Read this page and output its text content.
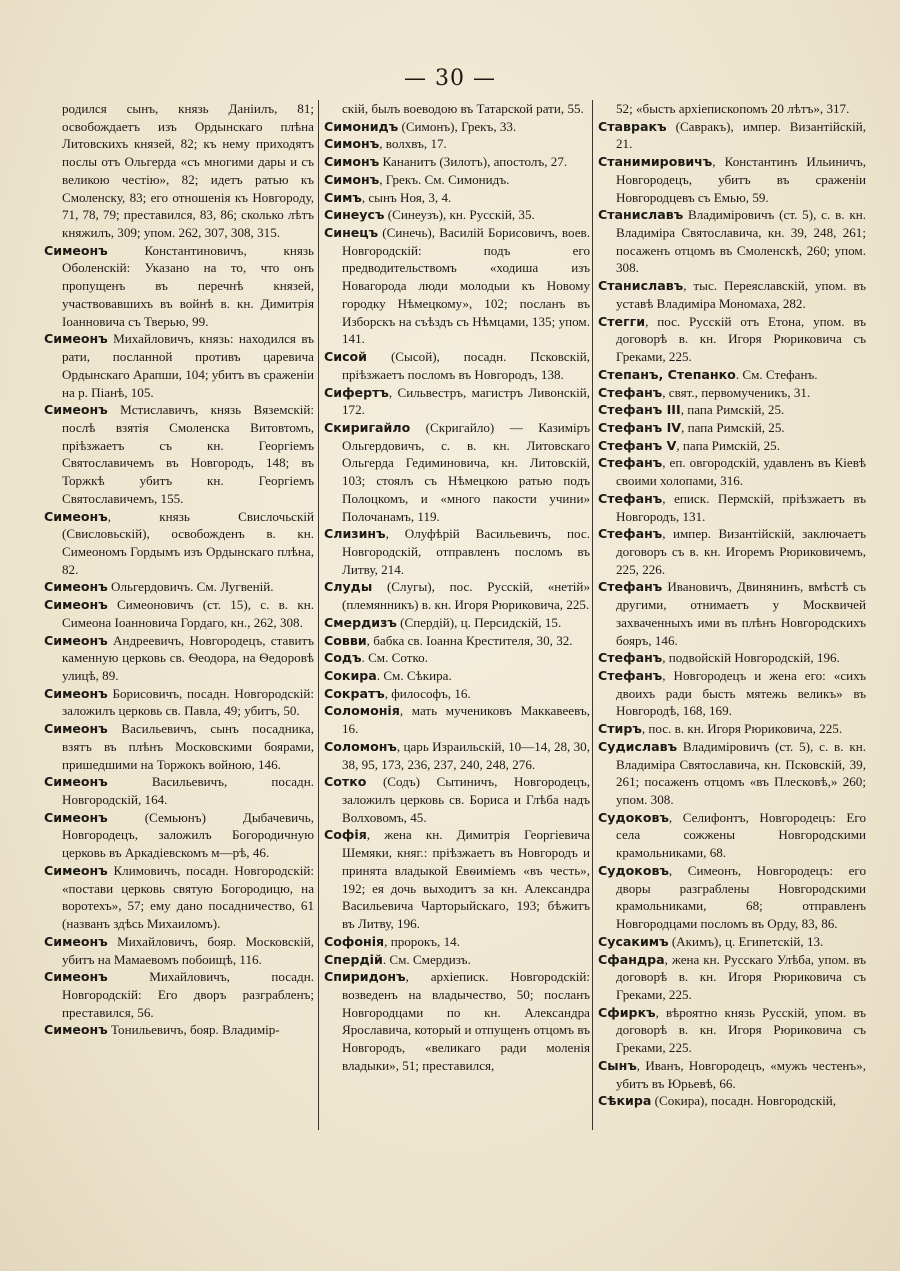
— 30 —

родился сынъ, князь Даніилъ, 81; освобождаетъ изъ Ордынскаго плѣна Литовскихъ князей, 82; къ нему приходятъ послы отъ Ольгерда «съ многими дары и съ великою честiю», 82; идетъ ратью къ Смоленску, 83; его отношенія къ Новгороду, 71, 78, 79; преставился, 83, 86; сколько лѣтъ княжилъ, 309; упом. 262, 307, 308, 315.

Симеонъ Константиновичъ, князь Оболенскій: Указано на то, что онъ пропущенъ въ перечнѣ князей, участвовавшихъ въ войнѣ в. кн. Димитрія Іоанновича съ Тверью, 99.

Симеонъ Михайловичъ, князь: находился въ рати, посланной противъ царевича Ордынскаго Арапши, 104; убитъ въ сраженіи на р. Піанѣ, 105.

Симеонъ Мстиславичъ, князь Вяземскій: послѣ взятія Смоленска Витовтомъ, пріѣзжаетъ съ кн. Георгіемъ Святославичемъ въ Новгородъ, 148; въ Торжкѣ убитъ кн. Георгіемъ Святославичемъ, 155.

Симеонъ, князь Свислочьскій (Свисловьскій), освобожденъ в. кн. Симеономъ Гордымъ изъ Ордынскаго плѣна, 82.

Симеонъ Ольгердовичъ. См. Лугвеній.

Симеонъ Симеоновичъ (ст. 15), с. в. кн. Симеона Іоанновича Гордаго, кн., 262, 308.

Симеонъ Андреевичъ, Новгородецъ, ставитъ каменную церковь св. Ѳеодора, на Ѳедоровѣ улицѣ, 89.

Симеонъ Борисовичъ, посадн. Новгородскій: заложилъ церковь св. Павла, 49; убитъ, 50.

Симеонъ Васильевичъ, сынъ посадника, взятъ въ плѣнъ Московскими боярами, пришедшими на Торжокъ войною, 146.

Симеонъ Васильевичъ, посадн. Новгородскій, 164.

Симеонъ (Семьюнъ) Дыбачевичь, Новгородецъ, заложилъ Богородичную церковь въ Аркадіевскомъ м—рѣ, 46.

Симеонъ Климовичъ, посадн. Новгородскій: «постави церковь святую Богородицю, на воротехъ», 57; ему дано посадничество, 61 (названъ здѣсь Михаиломъ).

Симеонъ Михайловичъ, бояр. Московскій, убитъ на Мамаевомъ побоищѣ, 116.

Симеонъ Михайловичъ, посадн. Новгородскій: Его дворъ разграбленъ; преставился, 56.

Симеонъ Тонильевичъ, бояр. Владимір-

скій, былъ воеводою въ Татарской рати, 55.

Симонидъ (Симонъ), Грекъ, 33.

Симонъ, волхвъ, 17.

Симонъ Кананитъ (Зилотъ), апостолъ, 27.

Симонъ, Грекъ. См. Симонидъ.

Симъ, сынъ Ноя, 3, 4.

Синеусъ (Синеузъ), кн. Русскій, 35.

Синецъ (Синечь), Василій Борисовичъ, воев. Новгородскій: подъ его предводительствомъ «ходиша изъ Новагорода люди молодыи къ Новому городку Нѣмецкому», 102; посланъ въ Изборскъ на съѣздъ съ Нѣмцами, 135; упом. 141.

Сисой (Сысой), посадн. Псковскій, пріѣзжаетъ посломъ въ Новгородъ, 138.

Сифертъ, Сильвестръ, магистръ Ливонскій, 172.

Скиригайло (Скригайло) — Казиміръ Ольгердовичъ, с. в. кн. Литовскаго Ольгерда Гедиминовича, кн. Литовскій, 103; стоялъ съ Нѣмецкою ратью подъ Полоцкомъ, и «много пакости учини» Полочанамъ, 119.

Слизинъ, Олуфѣрій Васильевичъ, пос. Новгородскій, отправленъ посломъ въ Литву, 214.

Слуды (Слугы), пос. Русскій, «нетій» (племянникъ) в. кн. Игоря Рюриковича, 225.

Смердизъ (Спердій), ц. Персидскій, 15.

Совви, бабка св. Іоанна Крестителя, 30, 32.

Содъ. См. Сотко.

Сокира. См. Сѣкира.

Сократъ, философъ, 16.

Соломонія, мать мучениковъ Маккавеевъ, 16.

Соломонъ, царь Израильскій, 10—14, 28, 30, 38, 95, 173, 236, 237, 240, 248, 276.

Сотко (Содъ) Сытиничъ, Новгородецъ, заложилъ церковь св. Бориса и Глѣба надъ Волховомъ, 45.

Софія, жена кн. Димитрія Георгіевича Шемяки, княг.: пріѣзжаетъ въ Новгородъ и принята владыкой Евѳиміемъ «въ честь», 192; ея дочь выходитъ за кн. Александра Васильевича Чарторыйскаго, 193; бѣжитъ въ Литву, 196.

Софонія, пророкъ, 14.

Спердій. См. Смердизъ.

Спиридонъ, архіеписк. Новгородскій: возведенъ на владычество, 50; посланъ Новгородцами по кн. Александра Ярославича, который и отпущенъ отцомъ въ Новгородъ, «великаго ради моленія владыки», 51; преставился,

52; «бысть архіепископомъ 20 лѣтъ», 317.

Ставракъ (Савракъ), импер. Византійскій, 21.

Станимировичъ, Константинъ Ильиничъ, Новгородецъ, убитъ въ сраженіи Новгородцевъ съ Емью, 59.

Станиславъ Владиміровичъ (ст. 5), с. в. кн. Владиміра Святославича, кн. 39, 248, 261; посаженъ отцомъ въ Смоленскѣ, 260; упом. 308.

Станиславъ, тыс. Переяславскій, упом. въ уставѣ Владиміра Мономаха, 282.

Стегги, пос. Русскій отъ Етона, упом. въ договорѣ в. кн. Игоря Рюриковича съ Греками, 225.

Степанъ, Степанко. См. Стефанъ.

Стефанъ, свят., первомученикъ, 31.

Стефанъ III, папа Римскій, 25.

Стефанъ IV, папа Римскій, 25.

Стефанъ V, папа Римскій, 25.

Стефанъ, еп. овгородскій, удавленъ въ Кіевѣ своими холопами, 316.

Стефанъ, еписк. Пермскій, пріѣзжаетъ въ Новгородъ, 131.

Стефанъ, импер. Византійскій, заключаетъ договоръ съ в. кн. Игоремъ Рюриковичемъ, 225, 226.

Стефанъ Ивановичъ, Двинянинъ, вмѣстѣ съ другими, отнимаетъ у Москвичей захваченныхъ ими въ плѣнъ Новгородскихъ бояръ, 146.

Стефанъ, подвойскій Новгородскій, 196.

Стефанъ, Новгородецъ и жена его: «сихъ двоихъ ради бысть мятежь великъ» въ Новгородѣ, 168, 169.

Стиръ, пос. в. кн. Игоря Рюриковича, 225.

Судиславъ Владиміровичъ (ст. 5), с. в. кн. Владиміра Святославича, кн. Псковскій, 39, 261; посаженъ отцомъ «въ Плесковѣ,» 260; упом. 308.

Судоковъ, Селифонтъ, Новгородецъ: Его села сожжены Новгородскими крамольниками, 68.

Судоковъ, Симеонъ, Новгородецъ: его дворы разграблены Новгородскими крамольниками, 68; отправленъ Новгородцами посломъ въ Орду, 83, 86.

Сусакимъ (Акимъ), ц. Египетскій, 13.

Сфандра, жена кн. Русскаго Улѣба, упом. въ договорѣ в. кн. Игоря Рюриковича съ Греками, 225.

Сфиркъ, вѣроятно князь Русскій, упом. въ договорѣ в. кн. Игоря Рюриковича съ Греками, 225.

Сынъ, Иванъ, Новгородецъ, «мужъ честенъ», убитъ въ Юрьевѣ, 66.

Сѣкира (Сокира), посадн. Новгородскій,
